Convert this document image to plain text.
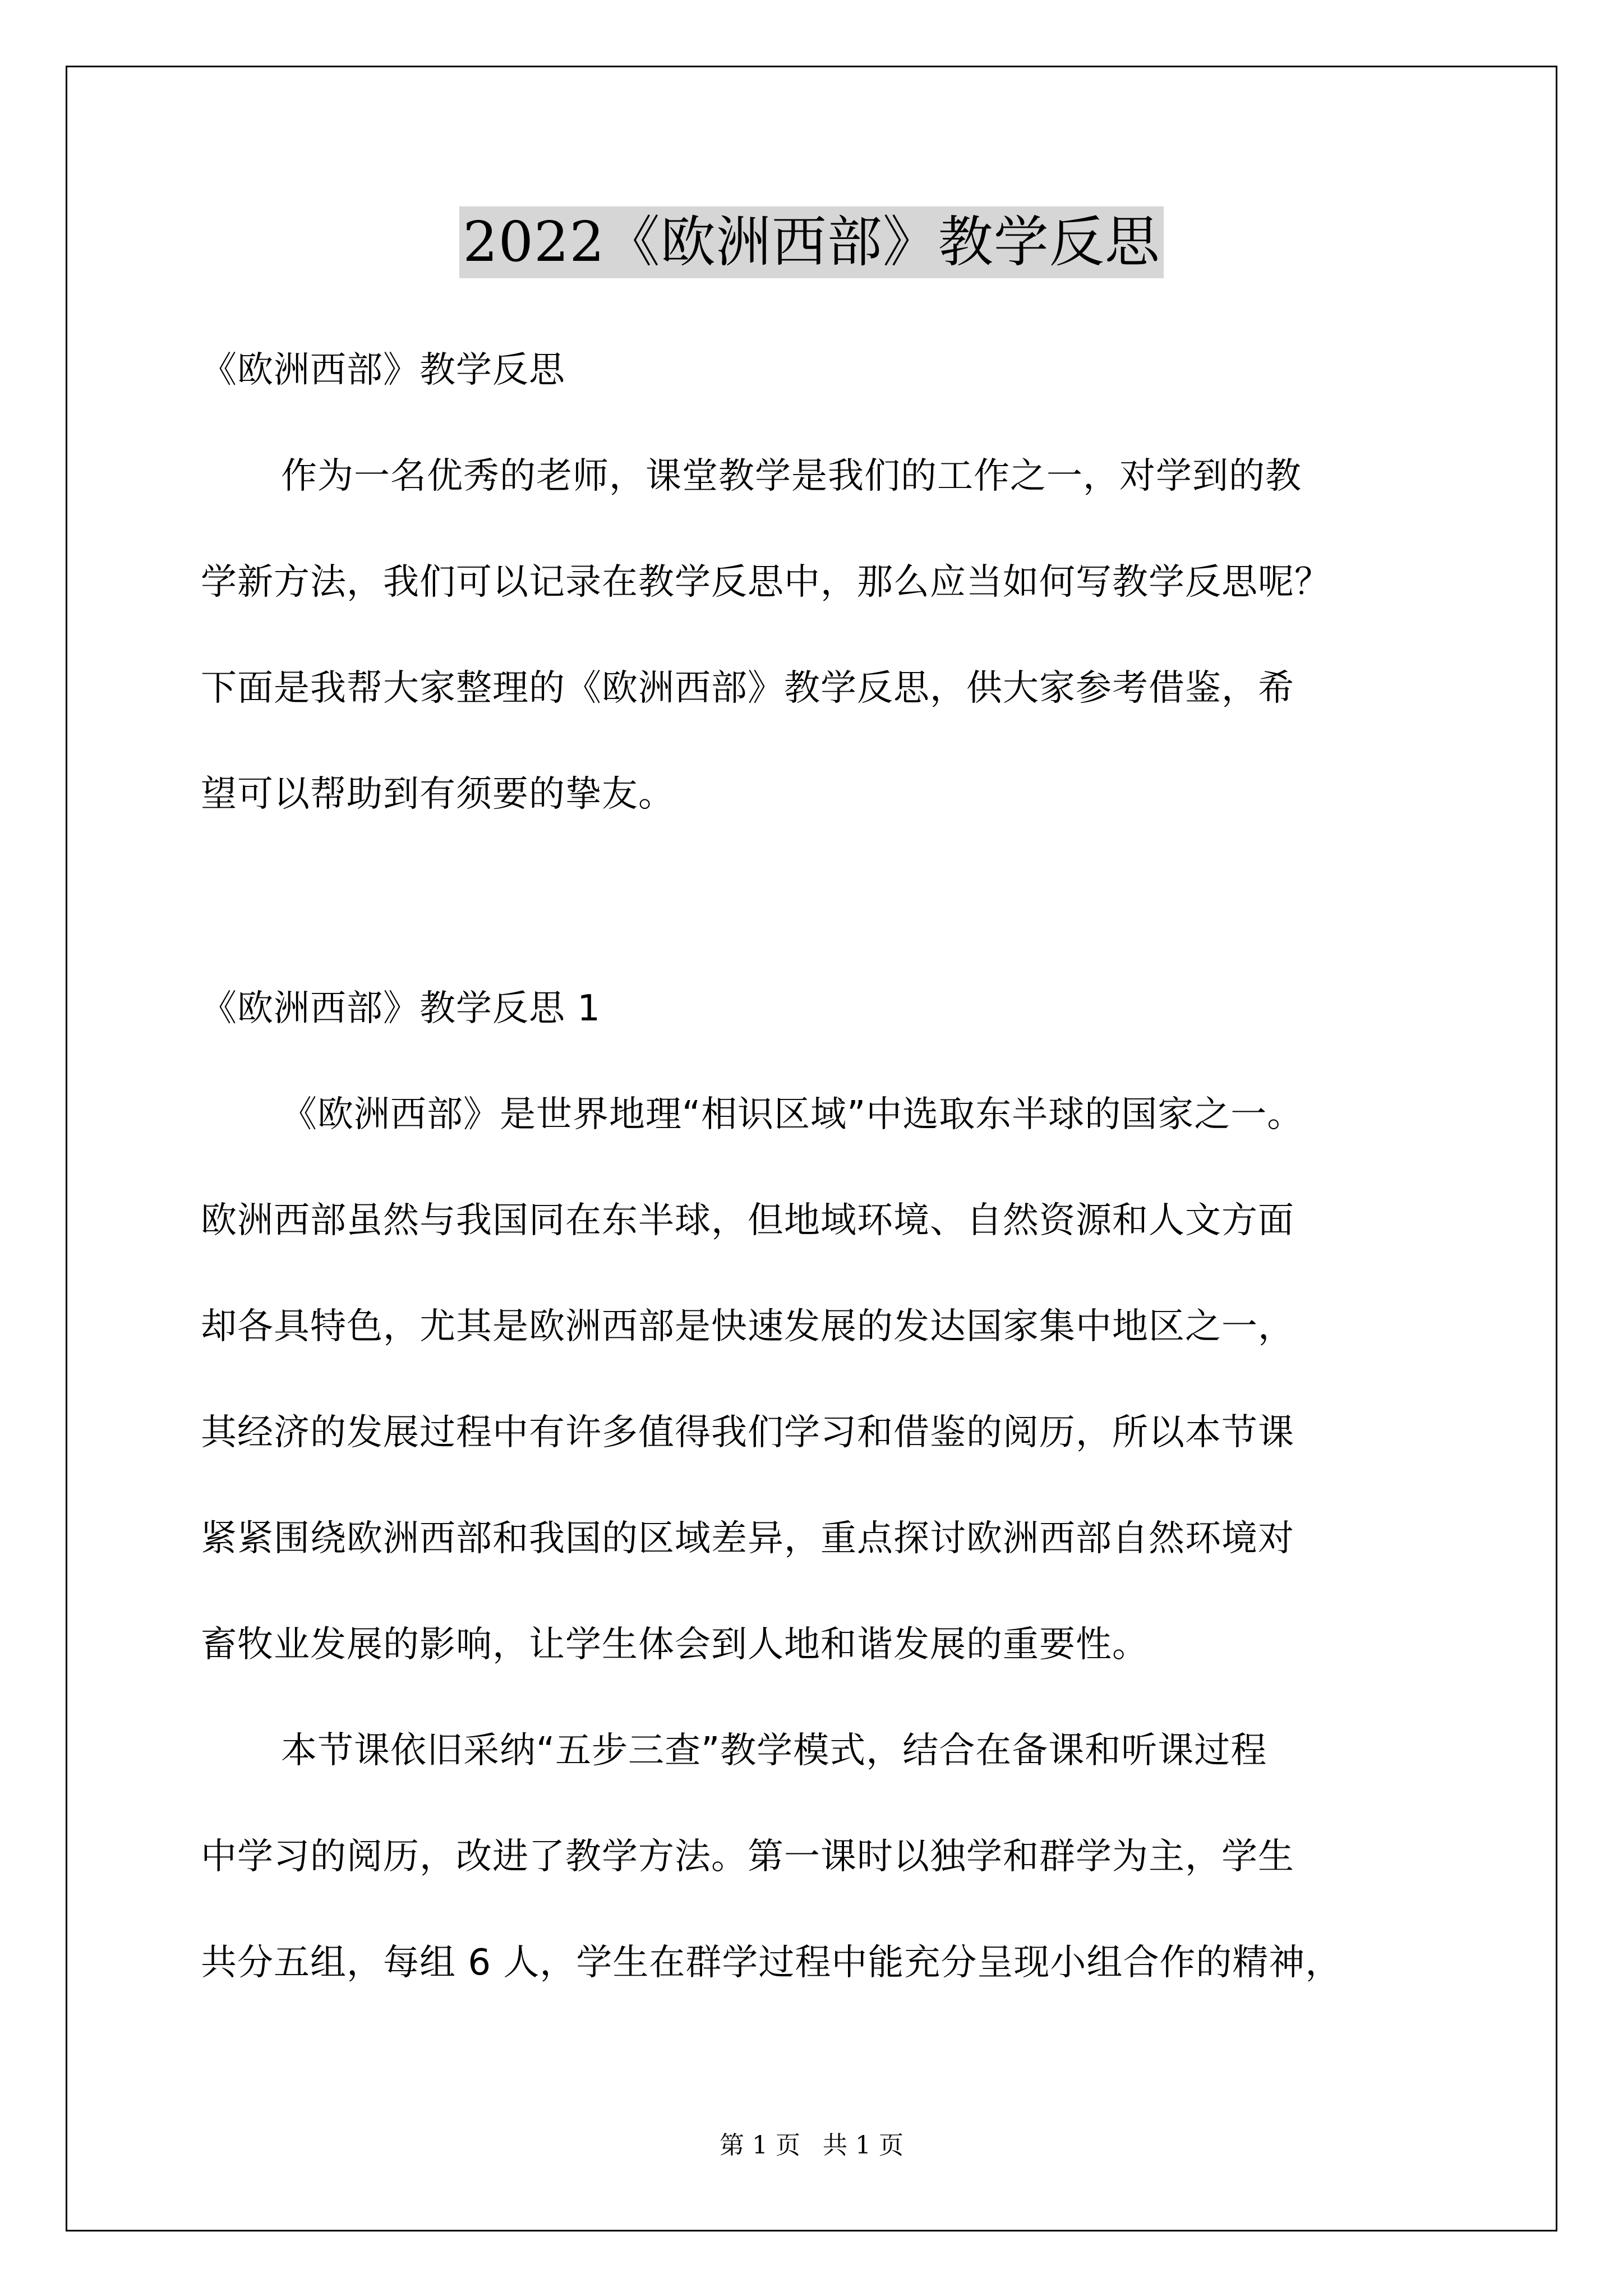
2022《欧洲西部》教学反思
《欧洲西部》教学反思
作为一名优秀的老师，课堂教学是我们的工作之一，对学到的教
学新方法，我们可以记录在教学反思中，那么应当如何写教学反思呢？
下面是我帮大家整理的《欧洲西部》教学反思，供大家参考借鉴，希
望可以帮助到有须要的挚友。
《欧洲西部》教学反思 1
《欧洲西部》是世界地理“相识区域”中选取东半球的国家之一。
欧洲西部虽然与我国同在东半球，但地域环境、自然资源和人文方面
却各具特色，尤其是欧洲西部是快速发展的发达国家集中地区之一，
其经济的发展过程中有许多值得我们学习和借鉴的阅历，所以本节课
紧紧围绕欧洲西部和我国的区域差异，重点探讨欧洲西部自然环境对
畜牧业发展的影响，让学生体会到人地和谐发展的重要性。
本节课依旧采纳“五步三查”教学模式，结合在备课和听课过程
中学习的阅历，改进了教学方法。第一课时以独学和群学为主，学生
共分五组，每组 6 人，学生在群学过程中能充分呈现小组合作的精神，
第 1 页 共 1 页
